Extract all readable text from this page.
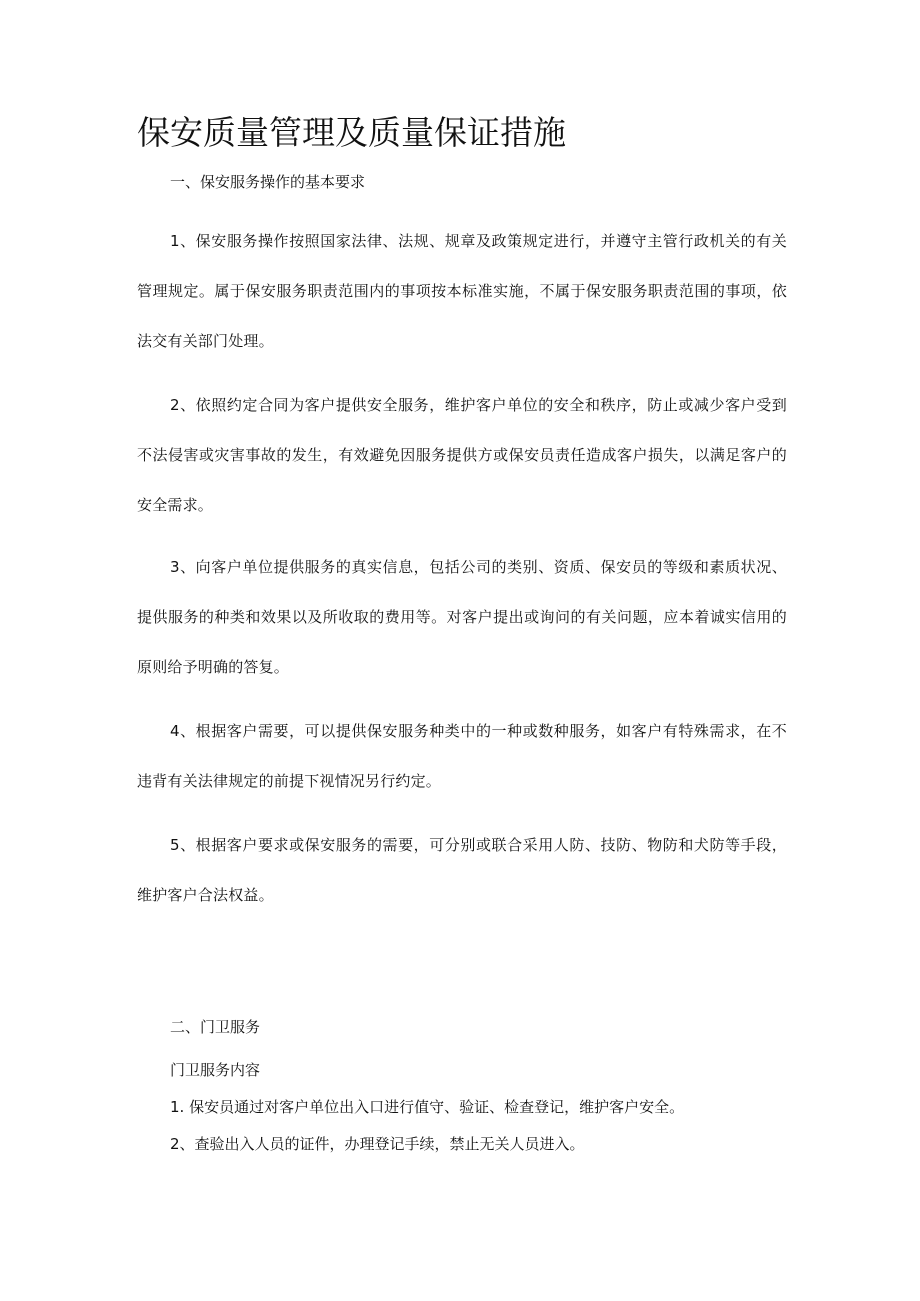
保安质量管理及质量保证措施
一、保安服务操作的基本要求

1、保安服务操作按照国家法律、法规、规章及政策规定进行，并遵守主管行政机关的有关管理规定。属于保安服务职责范围内的事项按本标准实施，不属于保安服务职责范围的事项，依法交有关部门处理。

2、依照约定合同为客户提供安全服务，维护客户单位的安全和秩序，防止或减少客户受到不法侵害或灾害事故的发生，有效避免因服务提供方或保安员责任造成客户损失，以满足客户的安全需求。

3、向客户单位提供服务的真实信息，包括公司的类别、资质、保安员的等级和素质状况、提供服务的种类和效果以及所收取的费用等。对客户提出或询问的有关问题，应本着诚实信用的原则给予明确的答复。

4、根据客户需要，可以提供保安服务种类中的一种或数种服务，如客户有特殊需求，在不违背有关法律规定的前提下视情况另行约定。

5、根据客户要求或保安服务的需要，可分别或联合采用人防、技防、物防和犬防等手段，维护客户合法权益。

二、门卫服务
门卫服务内容
1. 保安员通过对客户单位出入口进行值守、验证、检查登记，维护客户安全。
2、查验出入人员的证件，办理登记手续，禁止无关人员进入。
